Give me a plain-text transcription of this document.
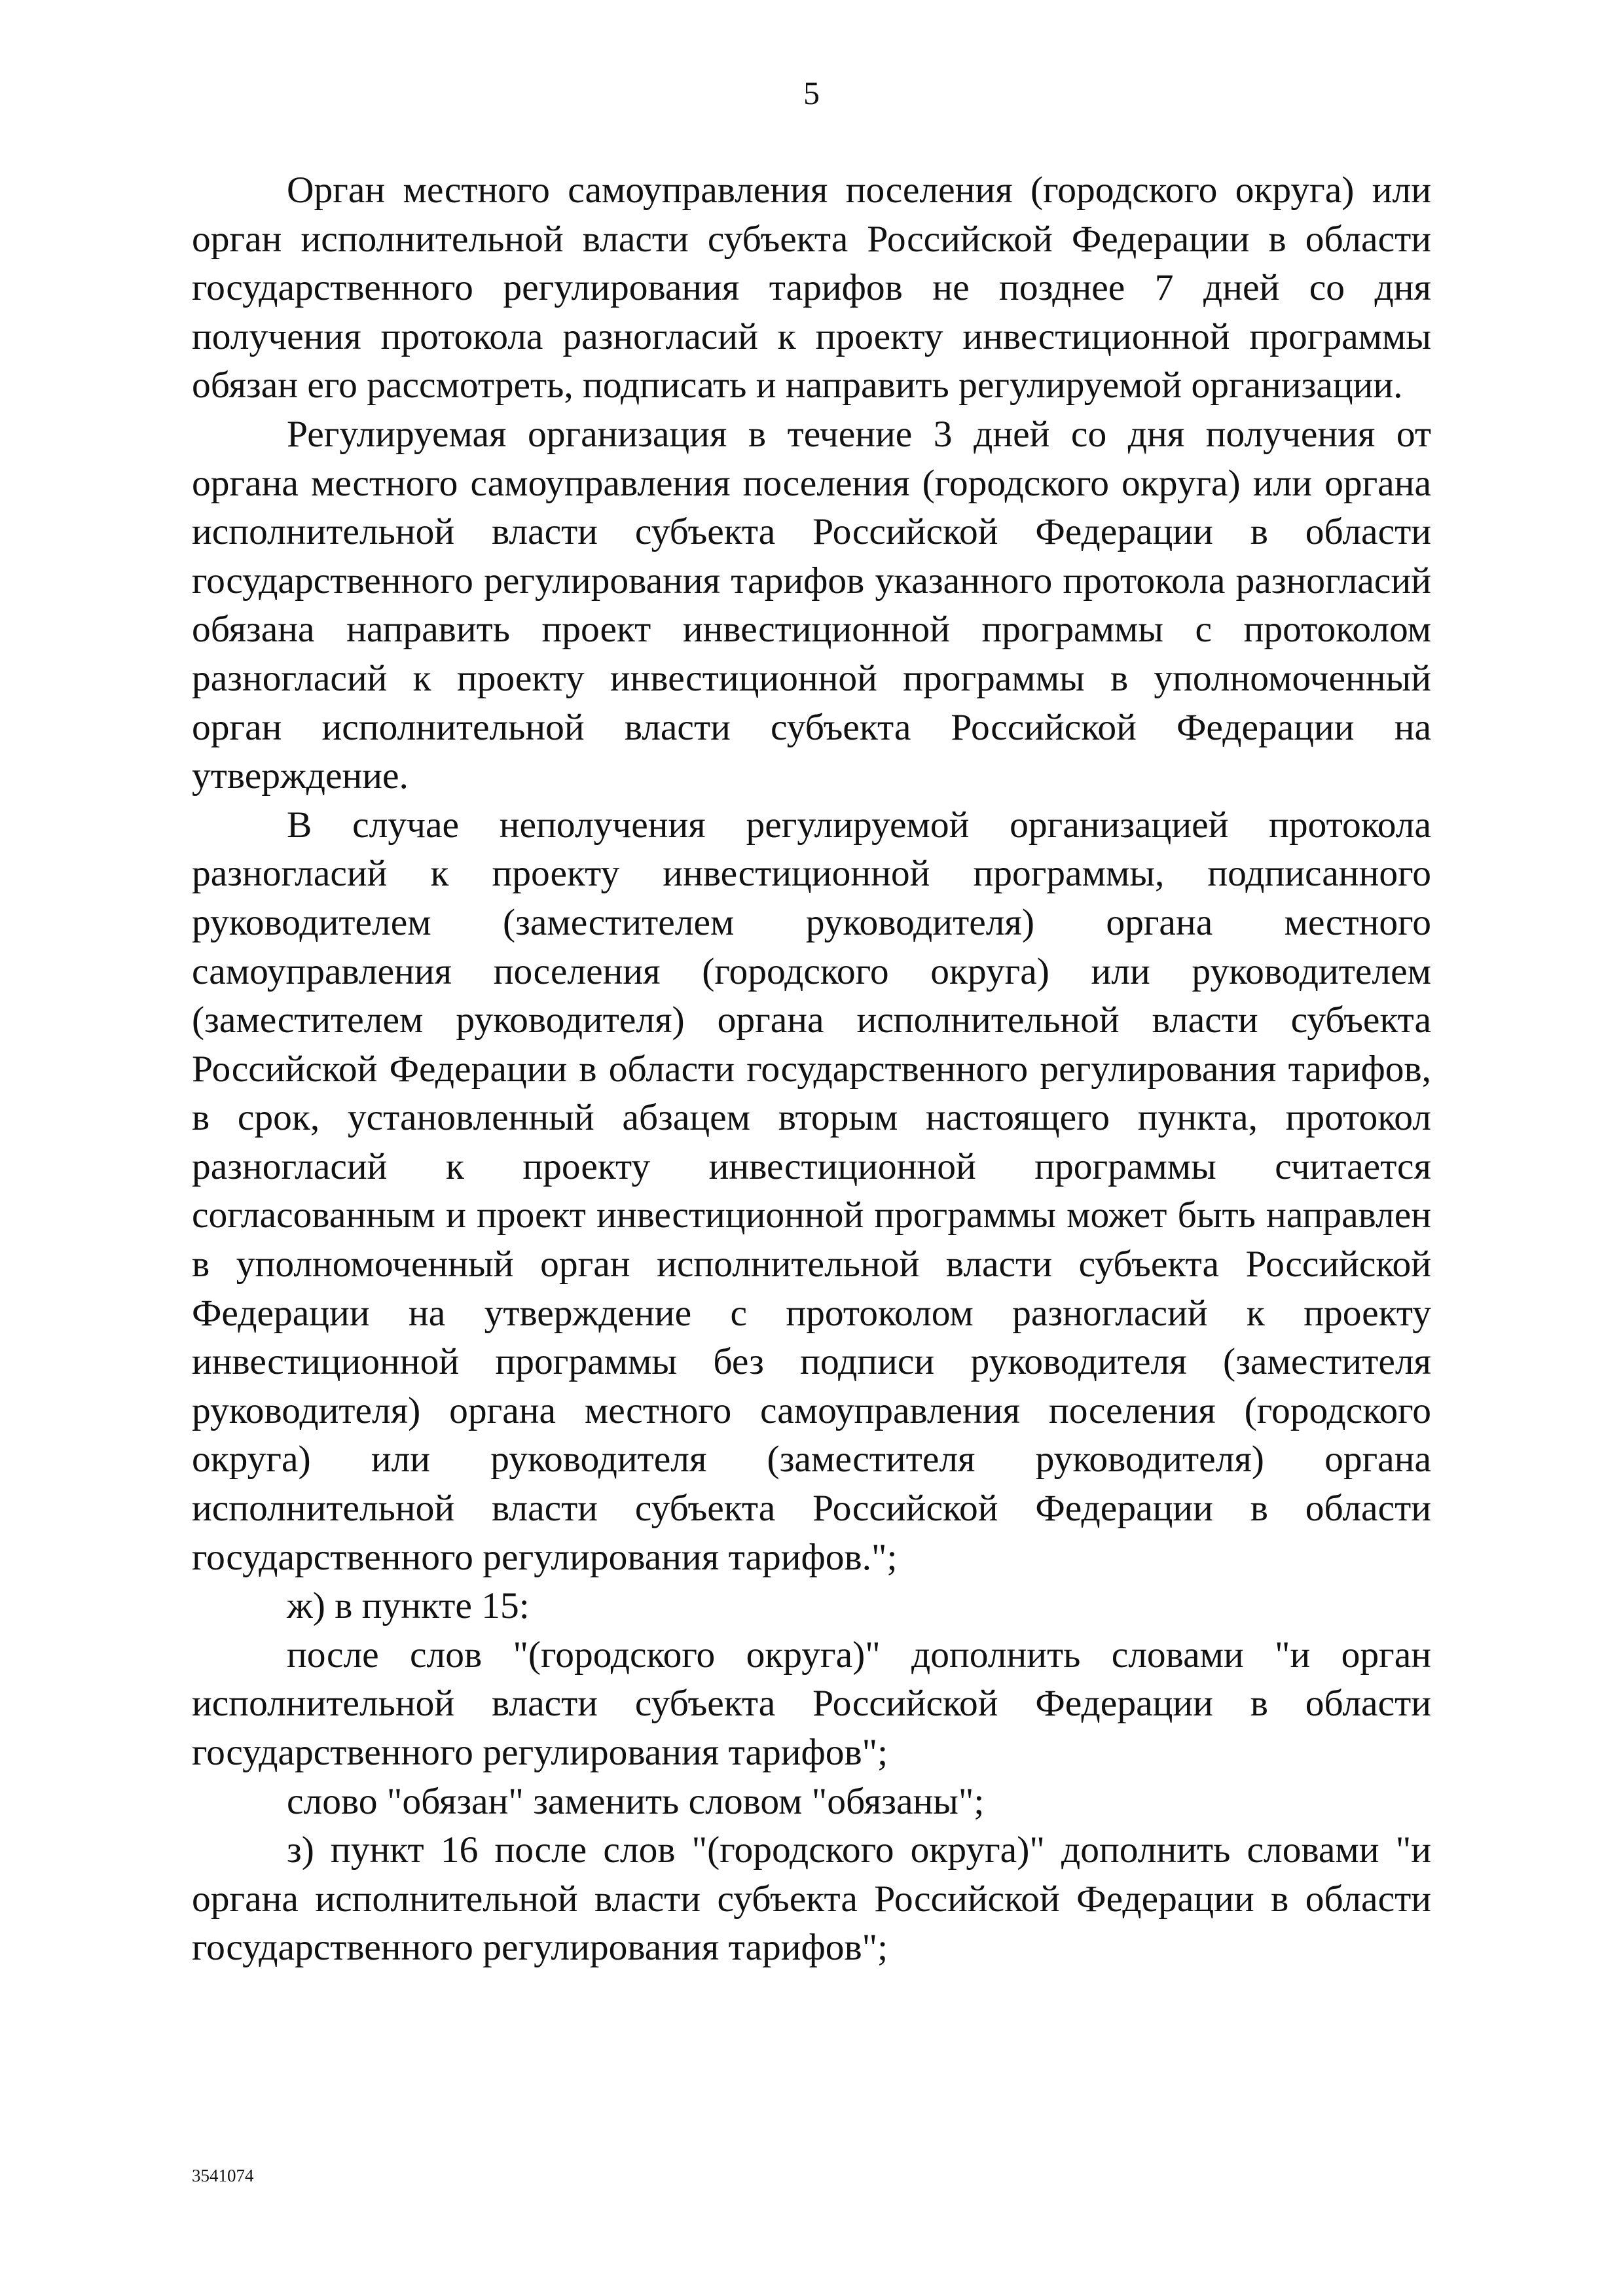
5

Орган местного самоуправления поселения (городского округа) или орган исполнительной власти субъекта Российской Федерации в области государственного регулирования тарифов не позднее 7 дней со дня получения протокола разногласий к проекту инвестиционной программы обязан его рассмотреть, подписать и направить регулируемой организации.

Регулируемая организация в течение 3 дней со дня получения от органа местного самоуправления поселения (городского округа) или органа исполнительной власти субъекта Российской Федерации в области государственного регулирования тарифов указанного протокола разногласий обязана направить проект инвестиционной программы с протоколом разногласий к проекту инвестиционной программы в уполномоченный орган исполнительной власти субъекта Российской Федерации на утверждение.

В случае неполучения регулируемой организацией протокола разногласий к проекту инвестиционной программы, подписанного руководителем (заместителем руководителя) органа местного самоуправления поселения (городского округа) или руководителем (заместителем руководителя) органа исполнительной власти субъекта Российской Федерации в области государственного регулирования тарифов, в срок, установленный абзацем вторым настоящего пункта, протокол разногласий к проекту инвестиционной программы считается согласованным и проект инвестиционной программы может быть направлен в уполномоченный орган исполнительной власти субъекта Российской Федерации на утверждение с протоколом разногласий к проекту инвестиционной программы без подписи руководителя (заместителя руководителя) органа местного самоуправления поселения (городского округа) или руководителя (заместителя руководителя) органа исполнительной власти субъекта Российской Федерации в области государственного регулирования тарифов.";

ж) в пункте 15:

после слов "(городского округа)" дополнить словами "и орган исполнительной власти субъекта Российской Федерации в области государственного регулирования тарифов";

слово "обязан" заменить словом "обязаны";

з) пункт 16 после слов "(городского округа)" дополнить словами "и органа исполнительной власти субъекта Российской Федерации в области государственного регулирования тарифов";

3541074
